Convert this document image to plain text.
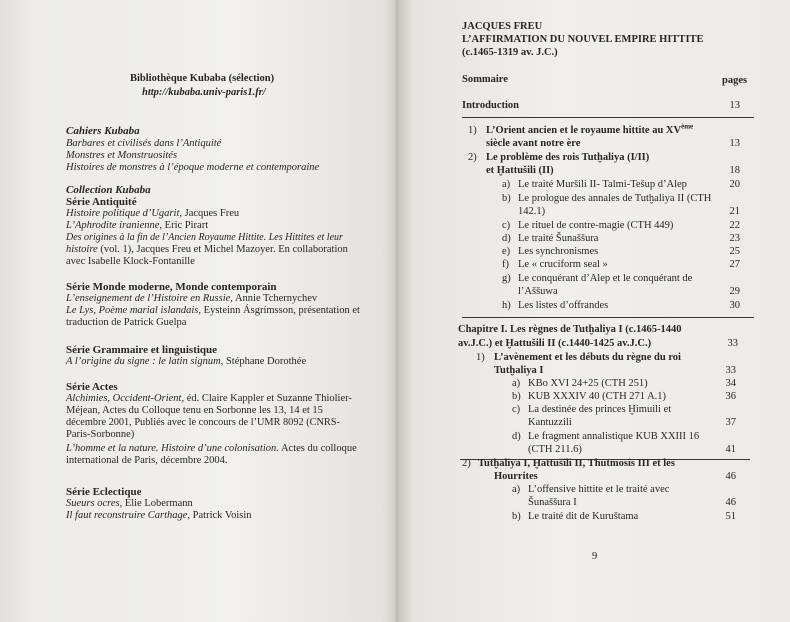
Bibliothèque Kubaba (sélection)
http://kubaba.univ-paris1.fr/
Cahiers Kubaba
Barbares et civilisés dans l’Antiquité
Monstres et Monstruosités
Histoires de monstres à l’époque moderne et contemporaine
Collection Kubaba
Série Antiquité
Histoire politique d’Ugarit, Jacques Freu
L’Aphrodite iranienne, Eric Pirart
Des origines à la fin de l’Ancien Royaume Hittite. Les Hittites et leur
histoire (vol. 1), Jacques Freu et Michel Mazoyer. En collaboration
avec Isabelle Klock-Fontanille
Série Monde moderne, Monde contemporain
L’enseignement de l’Histoire en Russie, Annie Tchernychev
Le Lys, Poème marial islandais, Eysteinn Ásgrímsson, présentation et
traduction de Patrick Guelpa
Série Grammaire et linguistique
A l’origine du signe : le latin signum, Stéphane Dorothée
Série Actes
Alchimies, Occident-Orient, éd. Claire Kappler et Suzanne Thiolier-
Méjean, Actes du Colloque tenu en Sorbonne les 13, 14 et 15
décembre 2001, Publiés avec le concours de l’UMR 8092 (CNRS-
Paris-Sorbonne)
L’homme et la nature. Histoire d’une colonisation. Actes du colloque
international de Paris, décembre 2004.
Série Eclectique
Sueurs ocres, Elie Lobermann
Il faut reconstruire Carthage, Patrick Voisin
JACQUES FREU
L’AFFIRMATION DU NOUVEL EMPIRE HITTITE
(c.1465-1319 av. J.C.)
Sommaire	pages
Introduction	13
1) L’Orient ancien et le royaume hittite au XVème
siècle avant notre ère	13
2) Le problème des rois Tutḫaliya (I/II)
et Ḫattušili (II)	18
a) Le traité Muršili II- Talmi-Tešup d’Alep	20
b) Le prologue des annales de Tutḫaliya II (CTH
142.1)	21
c) Le rituel de contre-magie (CTH 449)	22
d) Le traité Šunaššura	23
e) Les synchronismes	25
f) Le « cruciform seal »	27
g) Le conquérant d’Alep et le conquérant de
l’Aššuwa	29
h) Les listes d’offrandes	30
Chapitre I. Les règnes de Tutḫaliya I (c.1465-1440
av.J.C.) et Ḫattušili II (c.1440-1425 av.J.C.)	33
1) L’avènement et les débuts du règne du roi
Tutḫaliya I	33
a) KBo XVI 24+25 (CTH 251)	34
b) KUB XXXIV 40 (CTH 271 A.1)	36
c) La destinée des princes Ḫimuili et
Kantuzzili	37
d) Le fragment annalistique KUB XXIII 16
(CTH 211.6)	41
2) Tutḫaliya I, Ḫattušili II, Thutmosis III et les
Hourrites	46
a) L’offensive hittite et le traité avec
Šunaššura I	46
b) Le traité dit de Kuruštama	51
9
